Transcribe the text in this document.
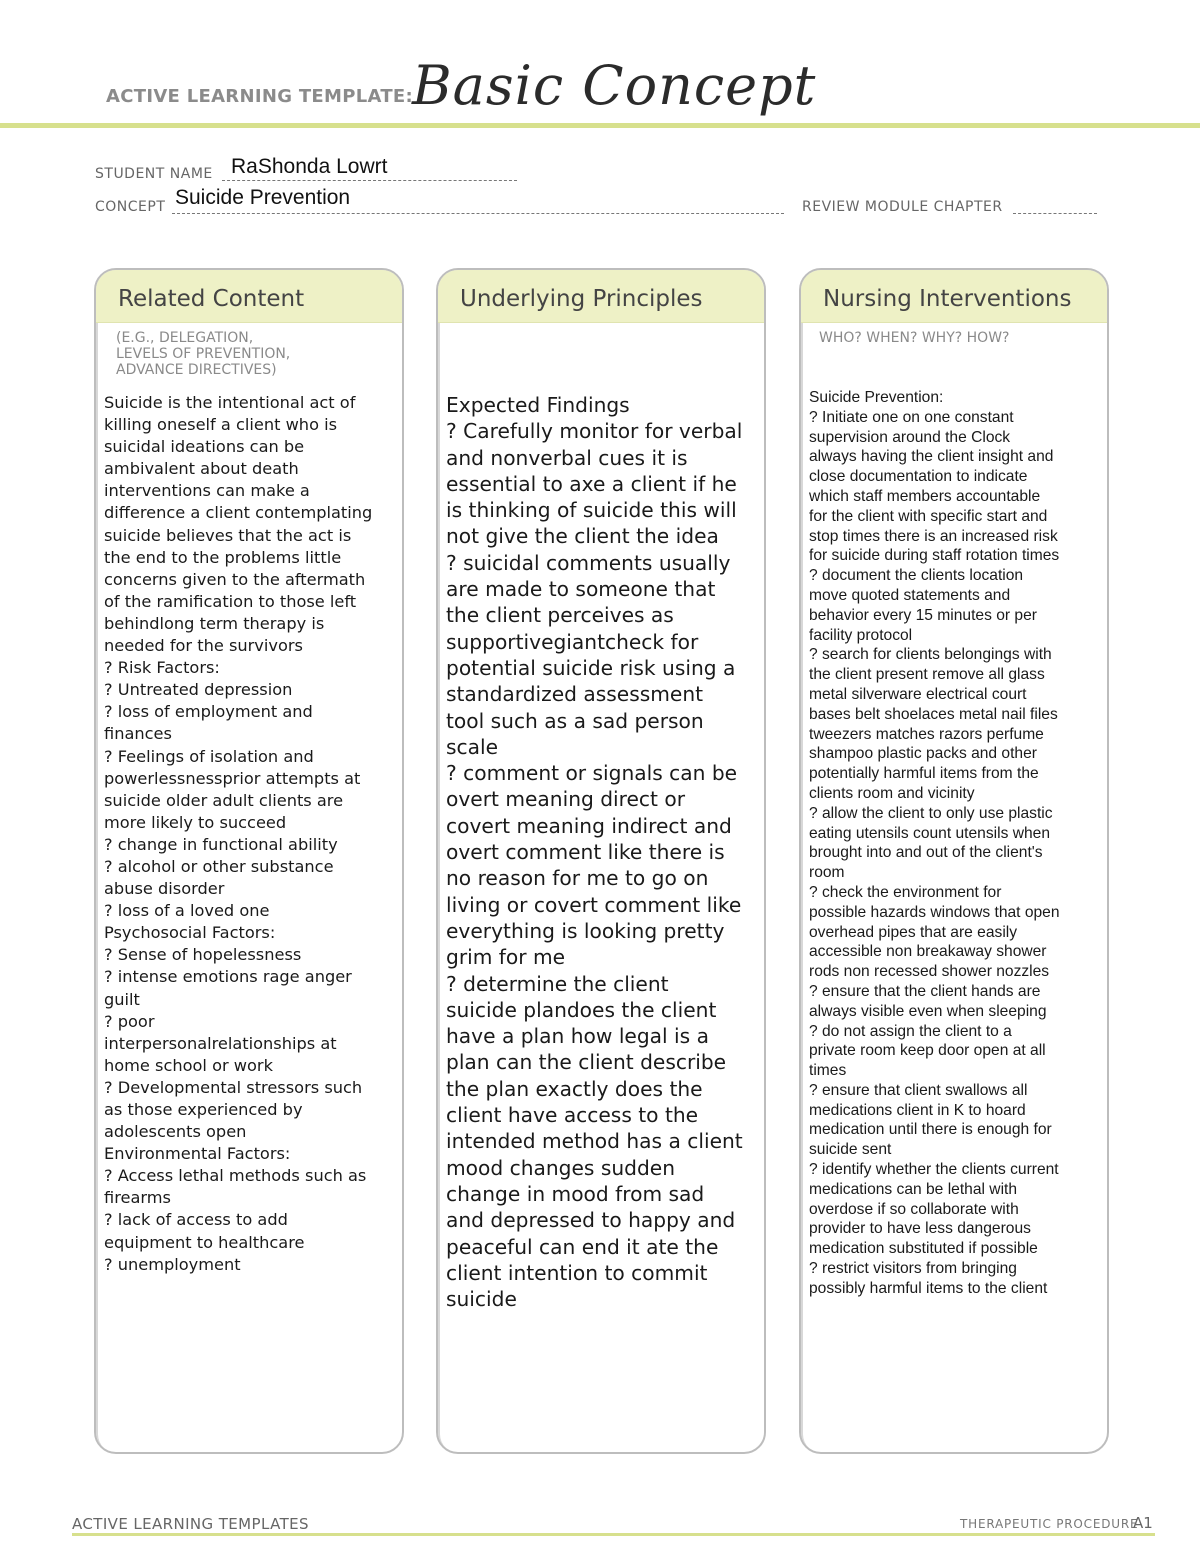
ACTIVE LEARNING TEMPLATE: Basic Concept
STUDENT NAME RaShonda Lowrt
CONCEPT Suicide Prevention	REVIEW MODULE CHAPTER
Related Content
(E.G., DELEGATION,
LEVELS OF PREVENTION,
ADVANCE DIRECTIVES)
Suicide is the intentional act of
killing oneself a client who is
suicidal ideations can be
ambivalent about death
interventions can make a
difference a client contemplating
suicide believes that the act is
the end to the problems little
concerns given to the aftermath
of the ramification to those left
behindlong term therapy is
needed for the survivors
? Risk Factors:
? Untreated depression
? loss of employment and
finances
? Feelings of isolation and
powerlessnessprior attempts at
suicide older adult clients are
more likely to succeed
? change in functional ability
? alcohol or other substance
abuse disorder
? loss of a loved one
Psychosocial Factors:
? Sense of hopelessness
? intense emotions rage anger
guilt
? poor
interpersonalrelationships at
home school or work
? Developmental stressors such
as those experienced by
adolescents open
Environmental Factors:
? Access lethal methods such as
firearms
? lack of access to add
equipment to healthcare
? unemployment
Underlying Principles
Expected Findings
? Carefully monitor for verbal
and nonverbal cues it is
essential to axe a client if he
is thinking of suicide this will
not give the client the idea
? suicidal comments usually
are made to someone that
the client perceives as
supportivegiantcheck for
potential suicide risk using a
standardized assessment
tool such as a sad person
scale
? comment or signals can be
overt meaning direct or
covert meaning indirect and
overt comment like there is
no reason for me to go on
living or covert comment like
everything is looking pretty
grim for me
? determine the client
suicide plandoes the client
have a plan how legal is a
plan can the client describe
the plan exactly does the
client have access to the
intended method has a client
mood changes sudden
change in mood from sad
and depressed to happy and
peaceful can end it ate the
client intention to commit
suicide
Nursing Interventions
WHO? WHEN? WHY? HOW?
Suicide Prevention:
? Initiate one on one constant
supervision around the Clock
always having the client insight and
close documentation to indicate
which staff members accountable
for the client with specific start and
stop times there is an increased risk
for suicide during staff rotation times
? document the clients location
move quoted statements and
behavior every 15 minutes or per
facility protocol
? search for clients belongings with
the client present remove all glass
metal silverware electrical court
bases belt shoelaces metal nail files
tweezers matches razors perfume
shampoo plastic packs and other
potentially harmful items from the
clients room and vicinity
? allow the client to only use plastic
eating utensils count utensils when
brought into and out of the client's
room
? check the environment for
possible hazards windows that open
overhead pipes that are easily
accessible non breakaway shower
rods non recessed shower nozzles
? ensure that the client hands are
always visible even when sleeping
? do not assign the client to a
private room keep door open at all
times
? ensure that client swallows all
medications client in K to hoard
medication until there is enough for
suicide sent
? identify whether the clients current
medications can be lethal with
overdose if so collaborate with
provider to have less dangerous
medication substituted if possible
? restrict visitors from bringing
possibly harmful items to the client
ACTIVE LEARNING TEMPLATES	THERAPEUTIC PROCEDURE
A1
